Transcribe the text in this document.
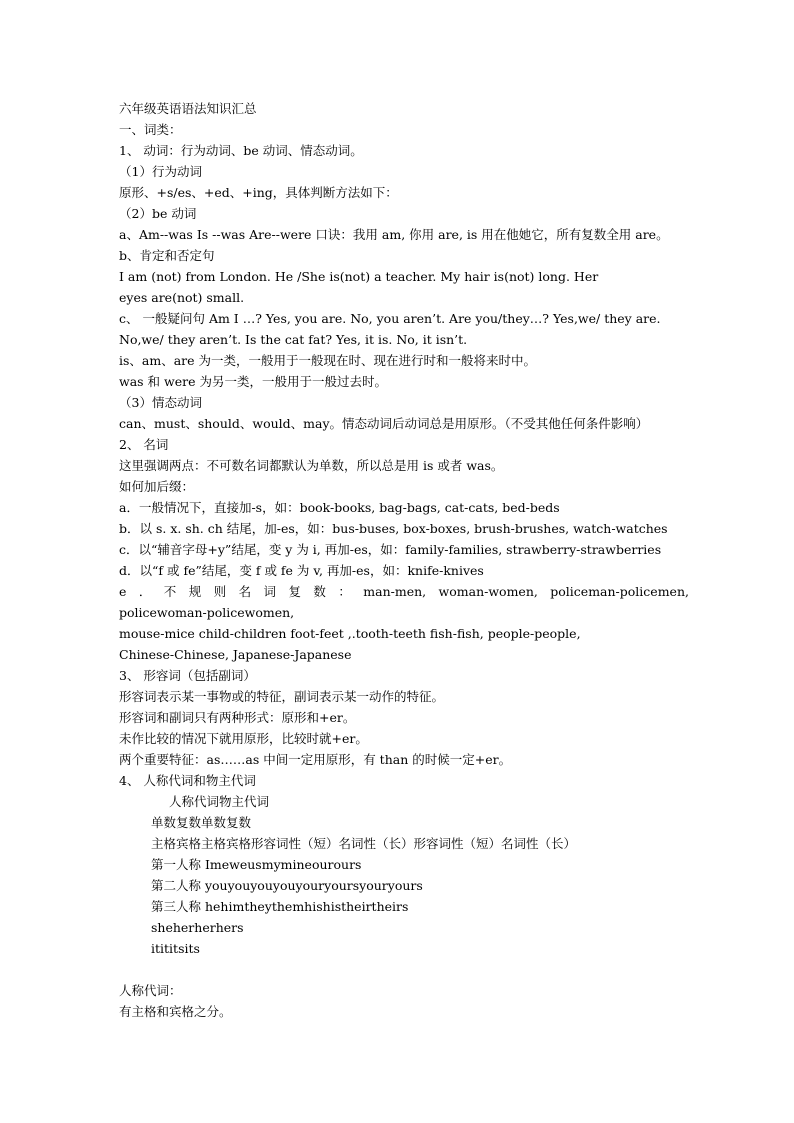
六年级英语语法知识汇总
一、词类：
1、 动词：行为动词、be 动词、情态动词。
（1）行为动词
原形、+s/es、+ed、+ing，具体判断方法如下：
（2）be 动词
a、Am--was Is --was Are--were 口诀：我用 am, 你用 are, is 用在他她它，所有复数全用 are。
b、肯定和否定句
I am (not) from London. He /She is(not) a teacher. My hair is(not) long. Her
eyes are(not) small.
c、 一般疑问句 Am I …? Yes, you are. No, you aren’t. Are you/they…? Yes,we/ they are.
No,we/ they aren’t. Is the cat fat? Yes, it is. No, it isn’t.
is、am、are 为一类，一般用于一般现在时、现在进行时和一般将来时中。
was 和 were 为另一类，一般用于一般过去时。
（3）情态动词
can、must、should、would、may。情态动词后动词总是用原形。（不受其他任何条件影响）
2、 名词
这里强调两点：不可数名词都默认为单数，所以总是用 is 或者 was。
如何加后缀：
a．一般情况下，直接加-s，如：book-books, bag-bags, cat-cats, bed-beds
b．以 s. x. sh. ch 结尾，加-es，如：bus-buses, box-boxes, brush-brushes, watch-watches
c．以“辅音字母+y”结尾，变 y 为 i, 再加-es，如：family-families, strawberry-strawberries
d．以“f 或 fe”结尾，变 f 或 fe 为 v, 再加-es，如：knife-knives
e ． 不 规 则 名 词 复 数 ： man-men, woman-women, policeman-policemen,
policewoman-policewomen,
mouse-mice child-children foot-feet ,.tooth-teeth fish-fish, people-people,
Chinese-Chinese, Japanese-Japanese
3、 形容词（包括副词）
形容词表示某一事物或的特征，副词表示某一动作的特征。
形容词和副词只有两种形式：原形和+er。
未作比较的情况下就用原形，比较时就+er。
两个重要特征：as……as 中间一定用原形，有 than 的时候一定+er。
4、 人称代词和物主代词
人称代词物主代词
单数复数单数复数
主格宾格主格宾格形容词性（短）名词性（长）形容词性（短）名词性（长）
第一人称 Imeweusmymineourours
第二人称 youyouyouyouyouryoursyouryours
第三人称 hehimtheythemhishistheirtheirs
sheherherhers
itititsits
人称代词：
有主格和宾格之分。
